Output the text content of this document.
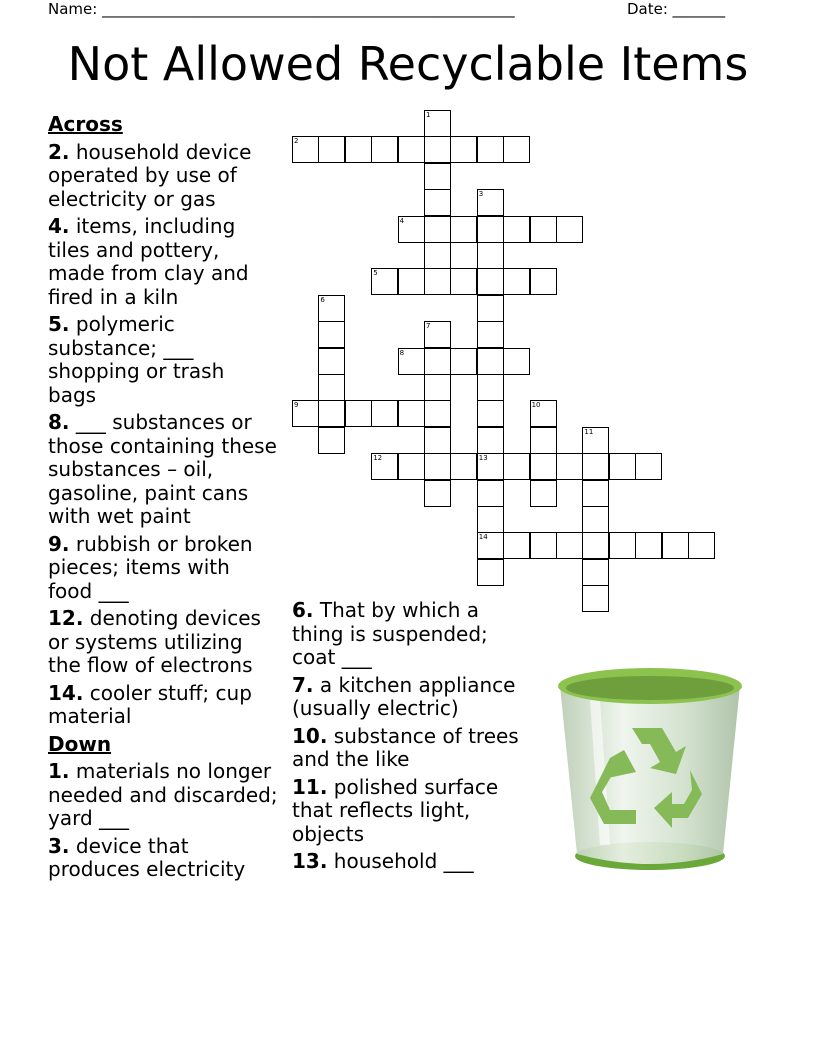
Name: _______________________________________________________	Date: _______
Not Allowed Recyclable Items
Across
2. household device operated by use of electricity or gas
4. items, including tiles and pottery, made from clay and fired in a kiln
5. polymeric substance; ___ shopping or trash bags
8. ___ substances or those containing these substances – oil, gasoline, paint cans with wet paint
9. rubbish or broken pieces; items with food ___
12. denoting devices or systems utilizing the flow of electrons
14. cooler stuff; cup material
Down
1. materials no longer needed and discarded; yard ___
3. device that produces electricity
6. That by which a thing is suspended; coat ___
7. a kitchen appliance (usually electric)
10. substance of trees and the like
11. polished surface that reflects light, objects
13. household ___
1
2
3
4
5
6
7
8
9	10
11
12	13
14
